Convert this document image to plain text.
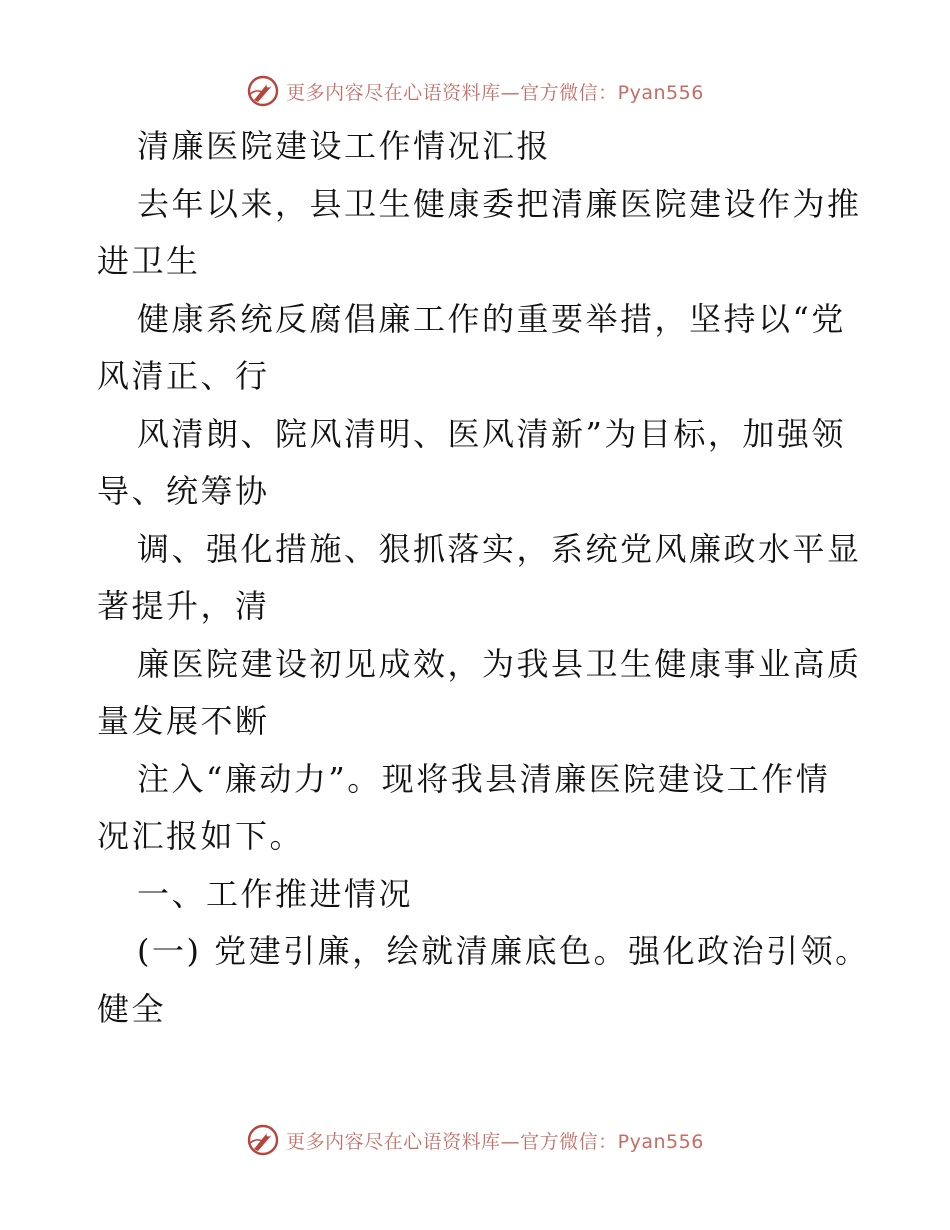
更多内容尽在心语资料库—官方微信：Pyan556
清廉医院建设工作情况汇报
去年以来，县卫生健康委把清廉医院建设作为推
进卫生
健康系统反腐倡廉工作的重要举措，坚持以“党
风清正、行
风清朗、院风清明、医风清新”为目标，加强领
导、统筹协
调、强化措施、狠抓落实，系统党风廉政水平显
著提升，清
廉医院建设初见成效，为我县卫生健康事业高质
量发展不断
注入“廉动力”。现将我县清廉医院建设工作情
况汇报如下。
一、工作推进情况
(一) 党建引廉，绘就清廉底色。强化政治引领。
健全
更多内容尽在心语资料库—官方微信：Pyan556
